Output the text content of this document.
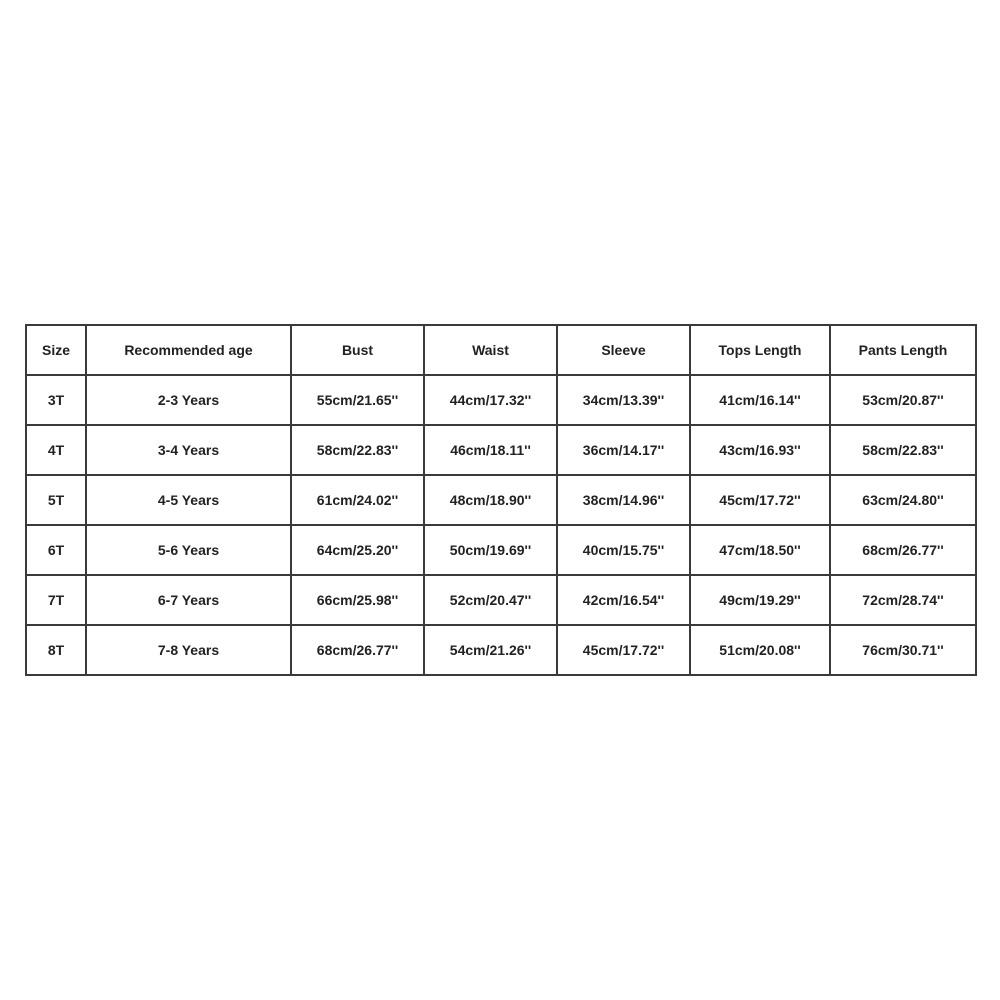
Size	Recommended age	Bust	Waist	Sleeve	Tops Length	Pants Length
3T	2-3 Years	55cm/21.65''	44cm/17.32''	34cm/13.39''	41cm/16.14''	53cm/20.87''
4T	3-4 Years	58cm/22.83''	46cm/18.11''	36cm/14.17''	43cm/16.93''	58cm/22.83''
5T	4-5 Years	61cm/24.02''	48cm/18.90''	38cm/14.96''	45cm/17.72''	63cm/24.80''
6T	5-6 Years	64cm/25.20''	50cm/19.69''	40cm/15.75''	47cm/18.50''	68cm/26.77''
7T	6-7 Years	66cm/25.98''	52cm/20.47''	42cm/16.54''	49cm/19.29''	72cm/28.74''
8T	7-8 Years	68cm/26.77''	54cm/21.26''	45cm/17.72''	51cm/20.08''	76cm/30.71''
